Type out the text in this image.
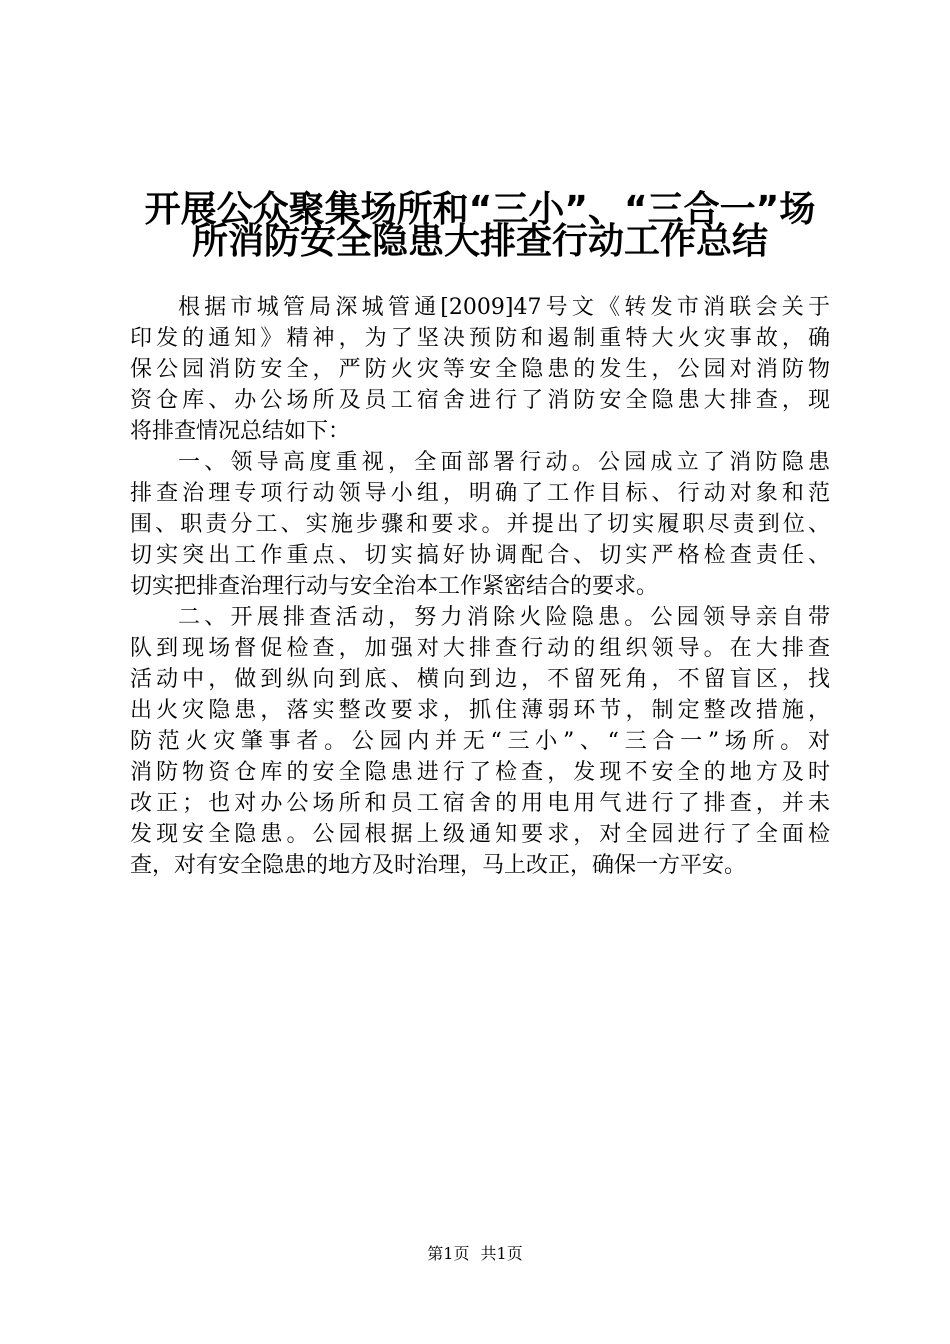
开展公众聚集场所和“三小”、“三合一”场
所消防安全隐患大排查行动工作总结

根据市城管局深城管通[2009]47号文《转发市消联会关于

印发的通知》精神，为了坚决预防和遏制重特大火灾事故，确

保公园消防安全，严防火灾等安全隐患的发生，公园对消防物

资仓库、办公场所及员工宿舍进行了消防安全隐患大排查，现

将排查情况总结如下：

一、领导高度重视，全面部署行动。公园成立了消防隐患

排查治理专项行动领导小组，明确了工作目标、行动对象和范

围、职责分工、实施步骤和要求。并提出了切实履职尽责到位、

切实突出工作重点、切实搞好协调配合、切实严格检查责任、

切实把排查治理行动与安全治本工作紧密结合的要求。

二、开展排查活动，努力消除火险隐患。公园领导亲自带

队到现场督促检查，加强对大排查行动的组织领导。在大排查

活动中，做到纵向到底、横向到边，不留死角，不留盲区，找

出火灾隐患，落实整改要求，抓住薄弱环节，制定整改措施，

防范火灾肇事者。公园内并无“三小”、“三合一”场所。对

消防物资仓库的安全隐患进行了检查，发现不安全的地方及时

改正；也对办公场所和员工宿舍的用电用气进行了排查，并未

发现安全隐患。公园根据上级通知要求，对全园进行了全面检

查，对有安全隐患的地方及时治理，马上改正，确保一方平安。

第1页 共1页
